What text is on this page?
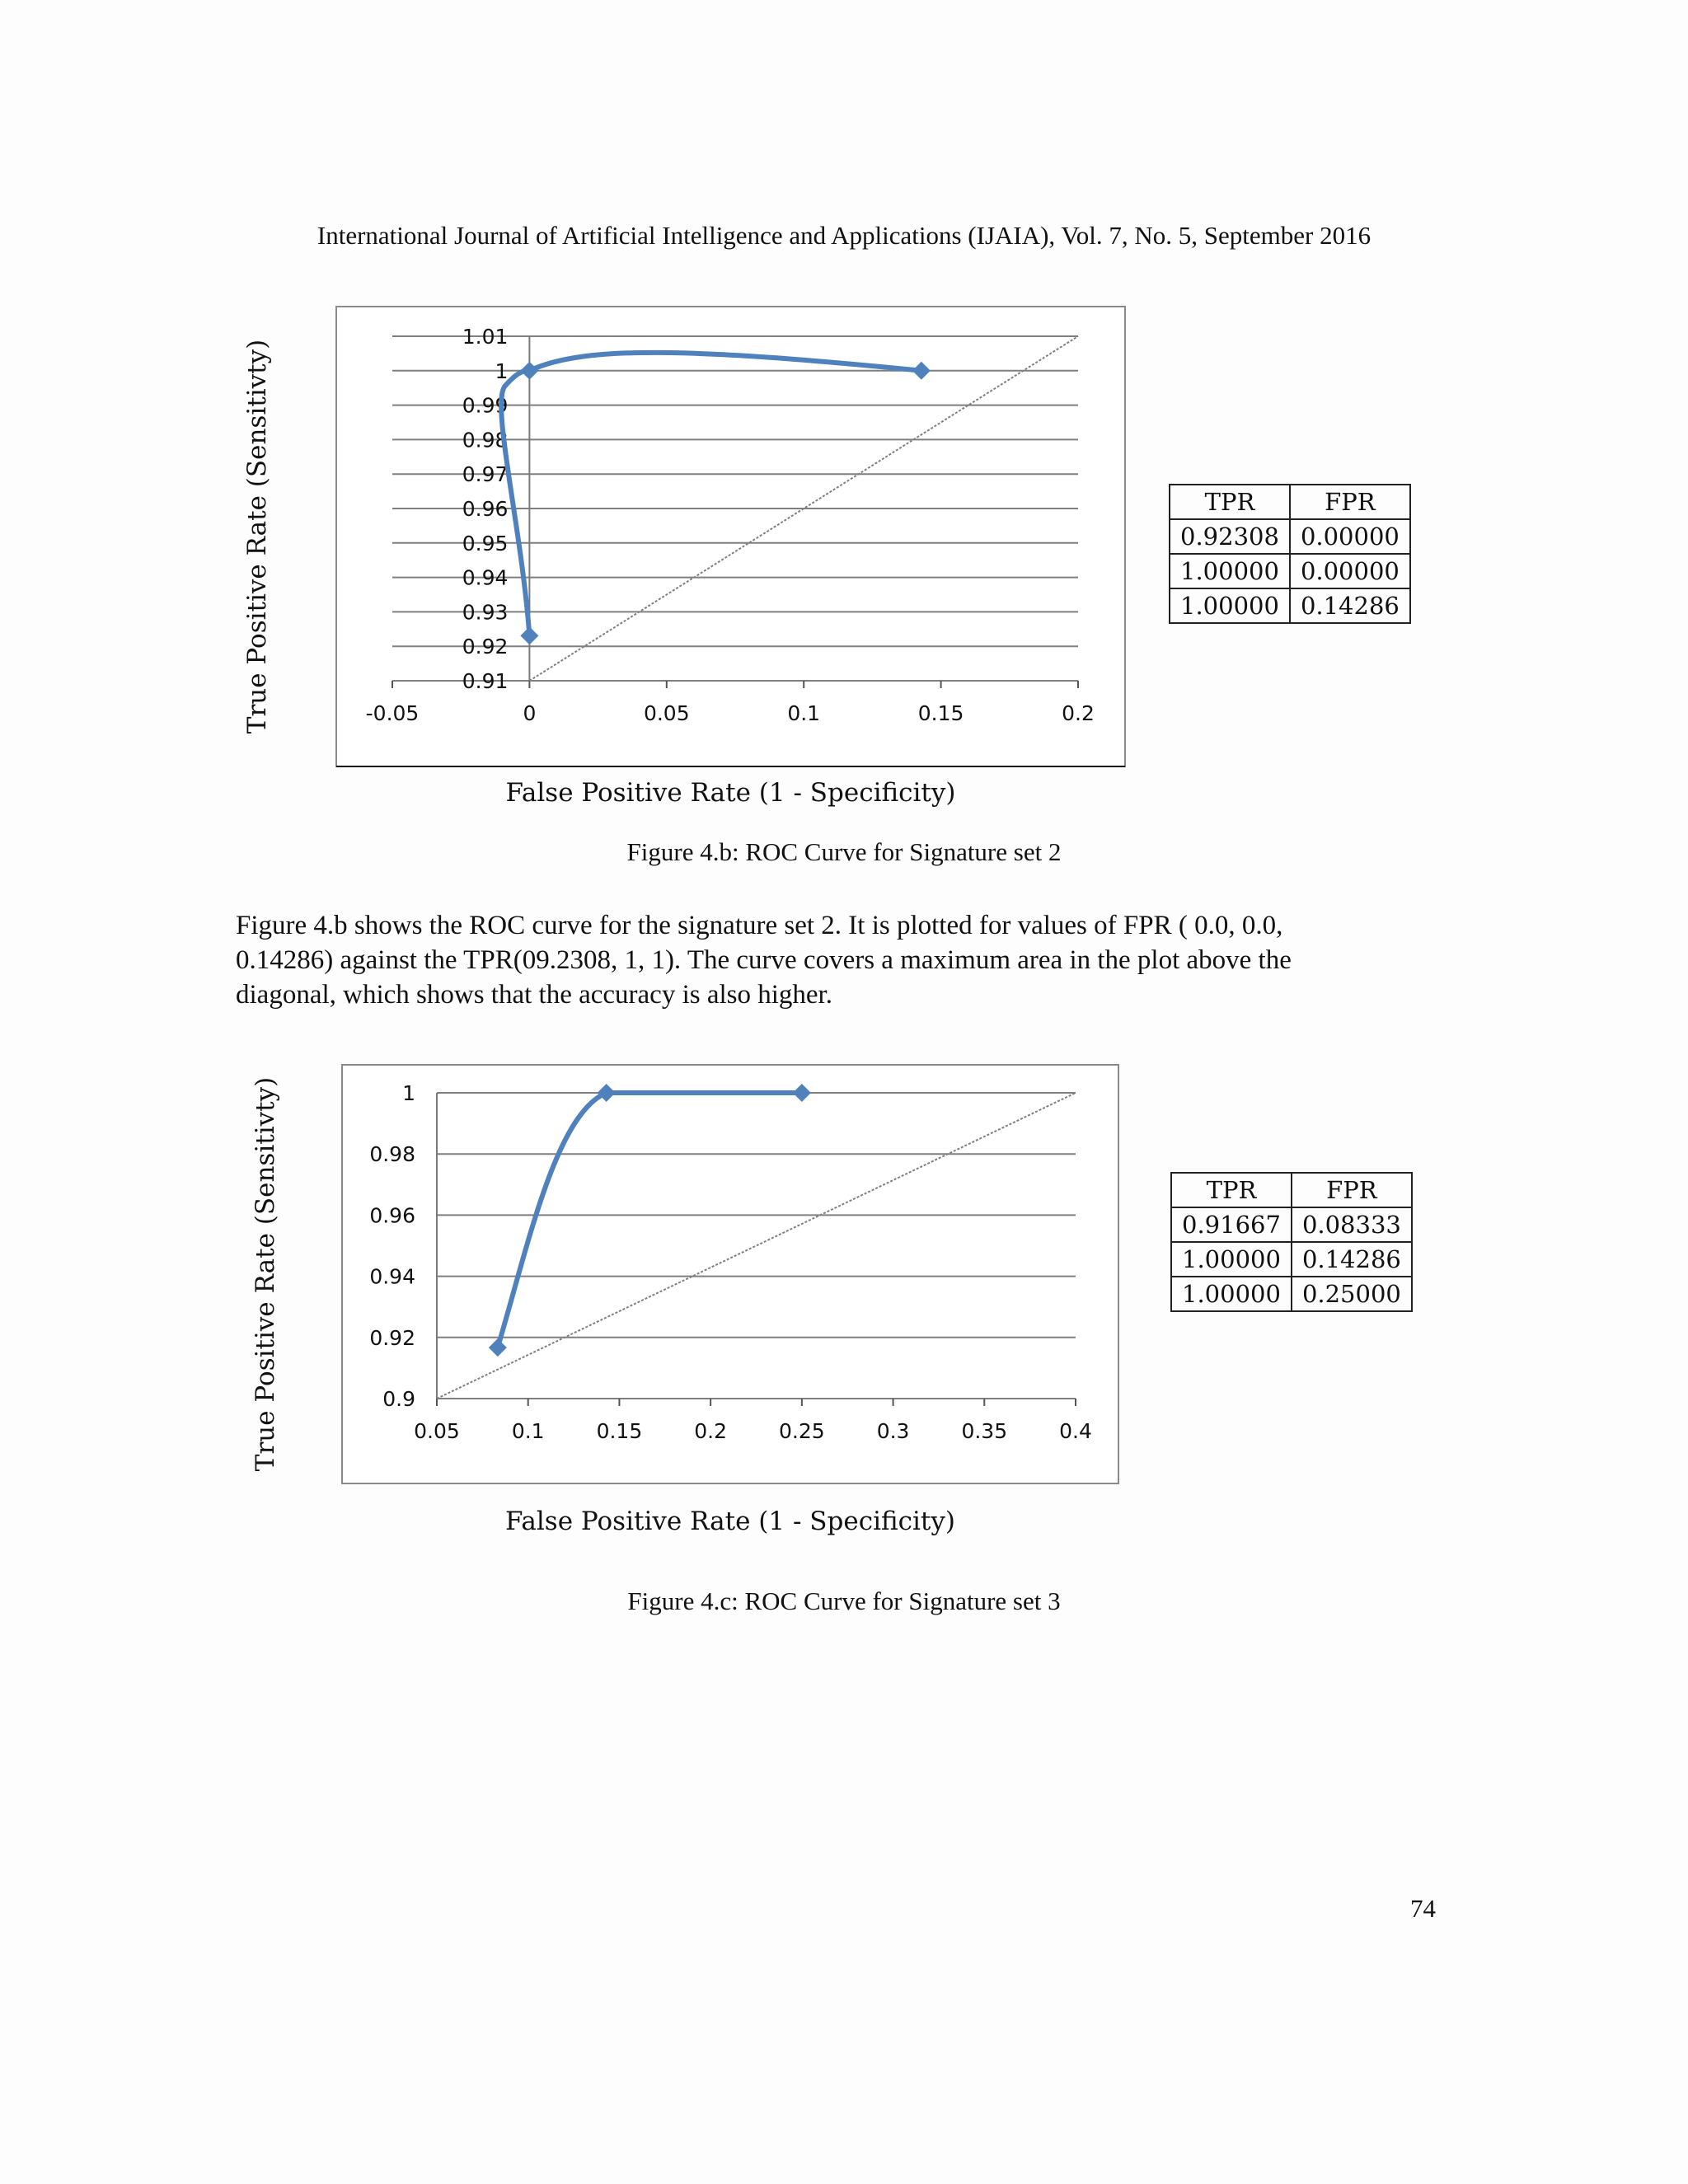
International Journal of Artificial Intelligence and Applications (IJAIA), Vol. 7, No. 5, September 2016
0.91
0.92
0.93
0.94
0.95
0.96
0.97
0.98
0.99
1
1.01
-0.05	0	0.05	0.1	0.15	0.2
True Positive Rate (Sensitivty)
False Positive Rate (1 - Specificity)
TPR	FPR
0.92308	0.00000
1.00000	0.00000
1.00000	0.14286
Figure 4.b: ROC Curve for Signature set 2
Figure 4.b shows the ROC curve for the signature set 2. It is plotted for values of FPR ( 0.0, 0.0,
0.14286) against the TPR(09.2308, 1, 1). The curve covers a maximum area in the plot above the
diagonal, which shows that the accuracy is also higher.
0.9
0.92
0.94
0.96
0.98
1
0.05	0.1	0.15	0.2	0.25	0.3	0.35	0.4
True Positive Rate (Sensitivty)
False Positive Rate (1 - Specificity)
TPR	FPR
0.91667	0.08333
1.00000	0.14286
1.00000	0.25000
Figure 4.c: ROC Curve for Signature set 3
74
